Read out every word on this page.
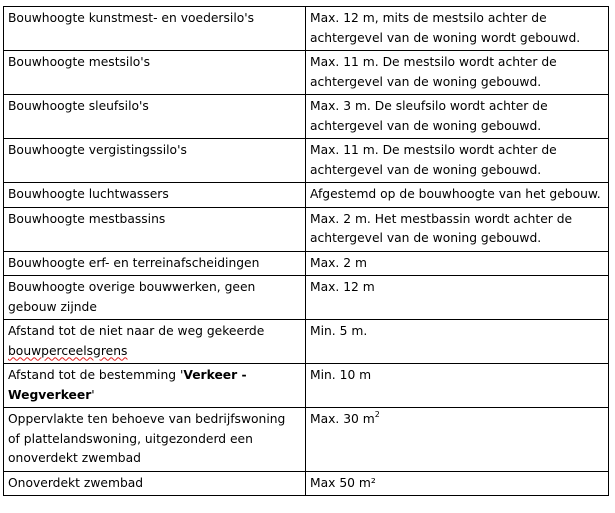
Bouwhoogte kunstmest- en voedersilo's	Max. 12 m, mits de mestsilo achter de achtergevel van de woning wordt gebouwd.
Bouwhoogte mestsilo's	Max. 11 m. De mestsilo wordt achter de achtergevel van de woning gebouwd.
Bouwhoogte sleufsilo's	Max. 3 m. De sleufsilo wordt achter de achtergevel van de woning gebouwd.
Bouwhoogte vergistingssilo's	Max. 11 m. De mestsilo wordt achter de achtergevel van de woning gebouwd.
Bouwhoogte luchtwassers	Afgestemd op de bouwhoogte van het gebouw.
Bouwhoogte mestbassins	Max. 2 m. Het mestbassin wordt achter de achtergevel van de woning gebouwd.
Bouwhoogte erf- en terreinafscheidingen	Max. 2 m
Bouwhoogte overige bouwwerken, geen gebouw zijnde	Max. 12 m
Afstand tot de niet naar de weg gekeerde bouwperceelsgrens	Min. 5 m.
Afstand tot de bestemming 'Verkeer - Wegverkeer'	Min. 10 m
Oppervlakte ten behoeve van bedrijfswoning of plattelandswoning, uitgezonderd een onoverdekt zwembad	Max. 30 $m^2$
Onoverdekt zwembad	Max 50 m²
